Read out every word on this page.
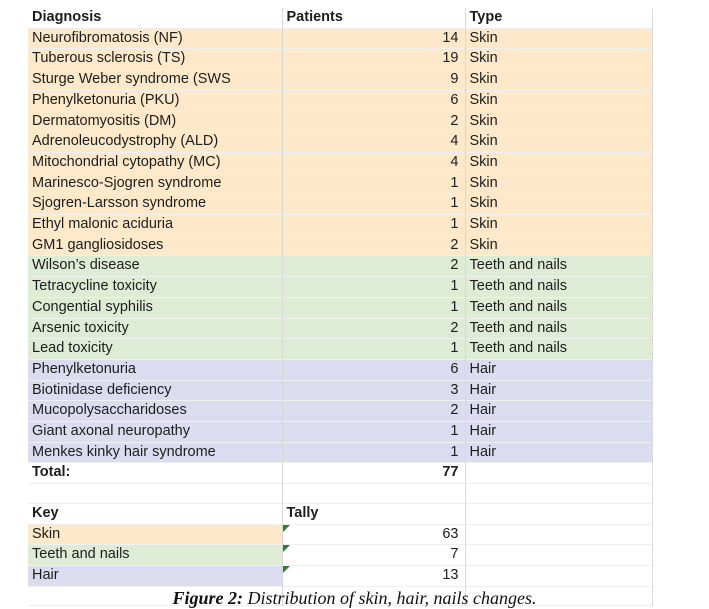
Diagnosis	Patients	Type
Neurofibromatosis (NF)	14	Skin
Tuberous sclerosis (TS)	19	Skin
Sturge Weber syndrome (SWS	9	Skin
Phenylketonuria (PKU)	6	Skin
Dermatomyositis (DM)	2	Skin
Adrenoleucodystrophy (ALD)	4	Skin
Mitochondrial cytopathy (MC)	4	Skin
Marinesco-Sjogren syndrome	1	Skin
Sjogren-Larsson syndrome	1	Skin
Ethyl malonic aciduria	1	Skin
GM1 gangliosidoses	2	Skin
Wilson’s disease	2	Teeth and nails
Tetracycline toxicity	1	Teeth and nails
Congential syphilis	1	Teeth and nails
Arsenic toxicity	2	Teeth and nails
Lead toxicity	1	Teeth and nails
Phenylketonuria	6	Hair
Biotinidase deficiency	3	Hair
Mucopolysaccharidoses	2	Hair
Giant axonal neuropathy	1	Hair
Menkes kinky hair syndrome	1	Hair
Total:	77	

Key	Tally	
Skin	63

Teeth and nails	7

Hair	13

Figure 2: Distribution of skin, hair, nails changes.
